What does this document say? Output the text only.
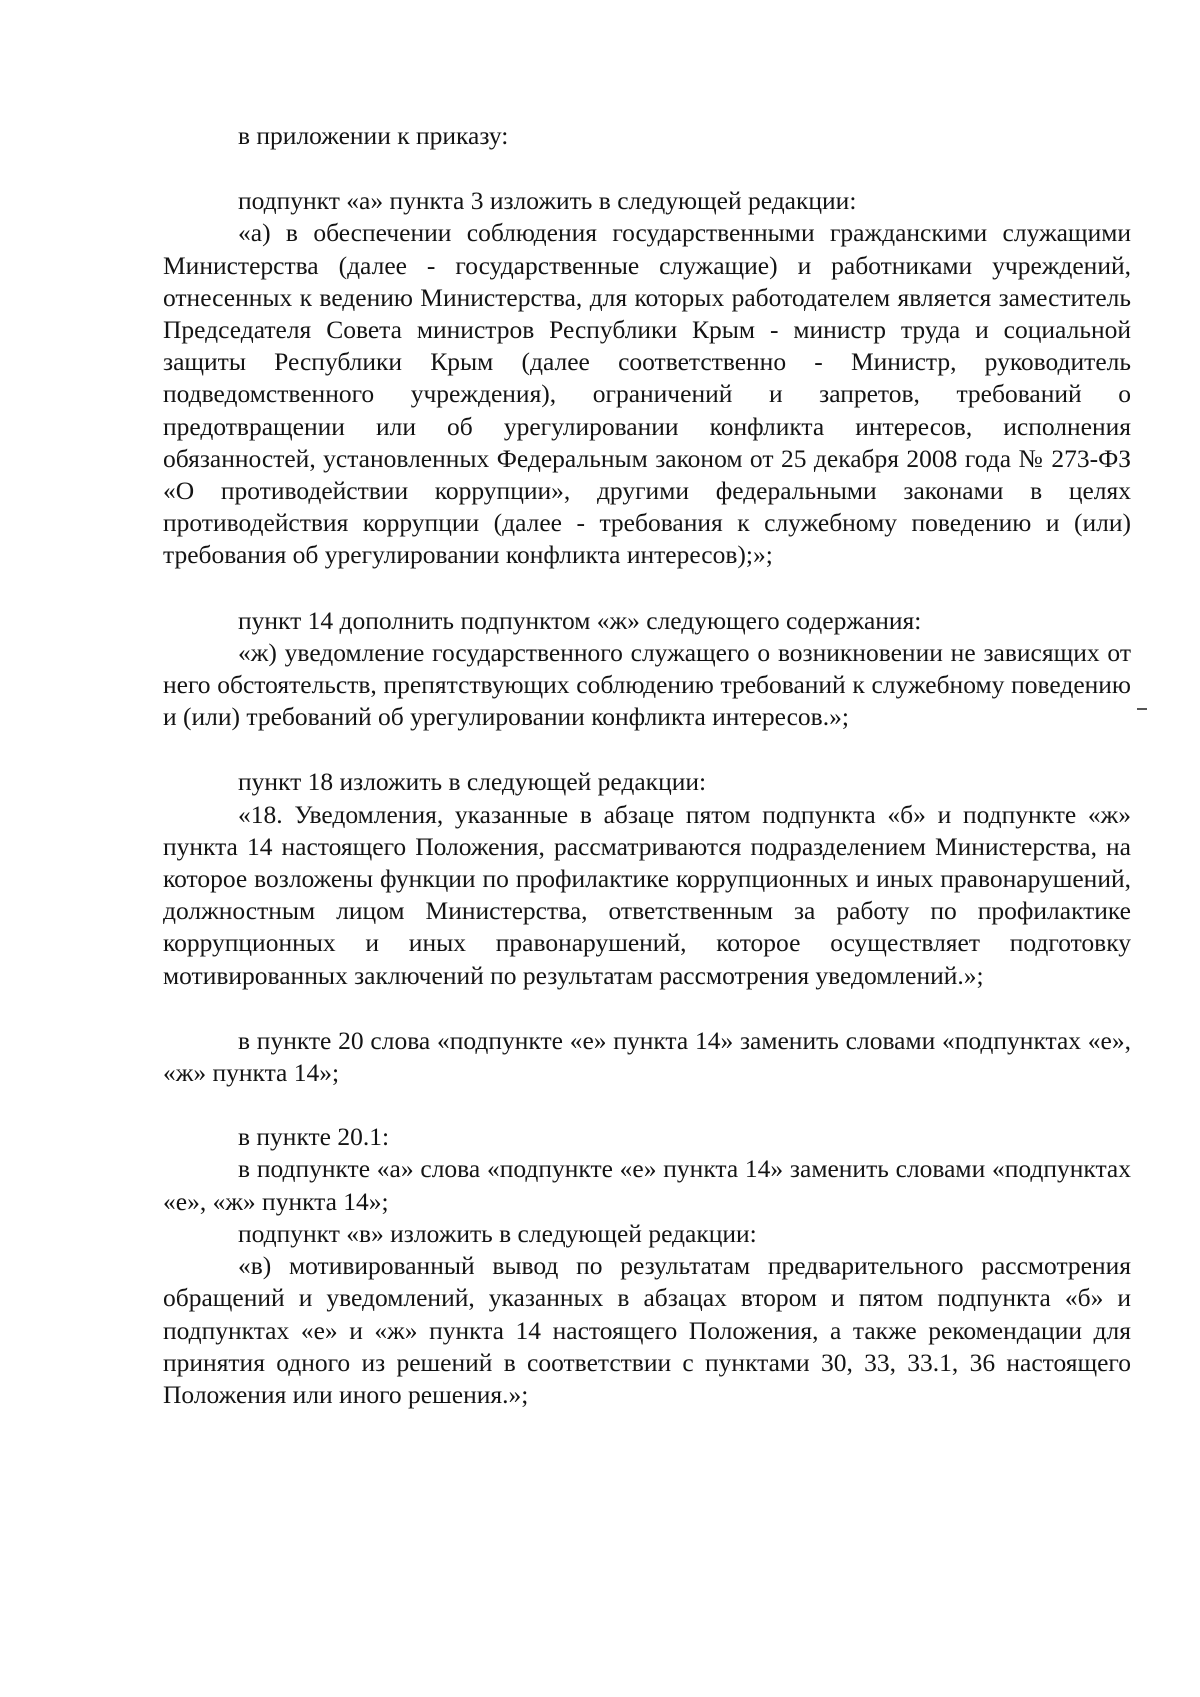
в приложении к приказу:

подпункт «а» пункта 3 изложить в следующей редакции:

«а) в обеспечении соблюдения государственными гражданскими служащими Министерства (далее - государственные служащие) и работниками учреждений, отнесенных к ведению Министерства, для которых работодателем является заместитель Председателя Совета министров Республики Крым - министр труда и социальной защиты Республики Крым (далее соответственно - Министр, руководитель подведомственного учреждения), ограничений и запретов, требований о предотвращении или об урегулировании конфликта интересов, исполнения обязанностей, установленных Федеральным законом от 25 декабря 2008 года № 273-ФЗ «О противодействии коррупции», другими федеральными законами в целях противодействия коррупции (далее - требования к служебному поведению и (или) требования об урегулировании конфликта интересов);»;

пункт 14 дополнить подпунктом «ж» следующего содержания:

«ж) уведомление государственного служащего о возникновении не зависящих от него обстоятельств, препятствующих соблюдению требований к служебному поведению и (или) требований об урегулировании конфликта интересов.»;

пункт 18 изложить в следующей редакции:

«18. Уведомления, указанные в абзаце пятом подпункта «б» и подпункте «ж» пункта 14 настоящего Положения, рассматриваются подразделением Министерства, на которое возложены функции по профилактике коррупционных и иных правонарушений, должностным лицом Министерства, ответственным за работу по профилактике коррупционных и иных правонарушений, которое осуществляет подготовку мотивированных заключений по результатам рассмотрения уведомлений.»;

в пункте 20 слова «подпункте «е» пункта 14» заменить словами «подпунктах «е», «ж» пункта 14»;

в пункте 20.1:

в подпункте «а» слова «подпункте «е» пункта 14» заменить словами «подпунктах «е», «ж» пункта 14»;

подпункт «в» изложить в следующей редакции:

«в) мотивированный вывод по результатам предварительного рассмотрения обращений и уведомлений, указанных в абзацах втором и пятом подпункта «б» и подпунктах «е» и «ж» пункта 14 настоящего Положения, а также рекомендации для принятия одного из решений в соответствии с пунктами 30, 33, 33.1, 36 настоящего Положения или иного решения.»;
